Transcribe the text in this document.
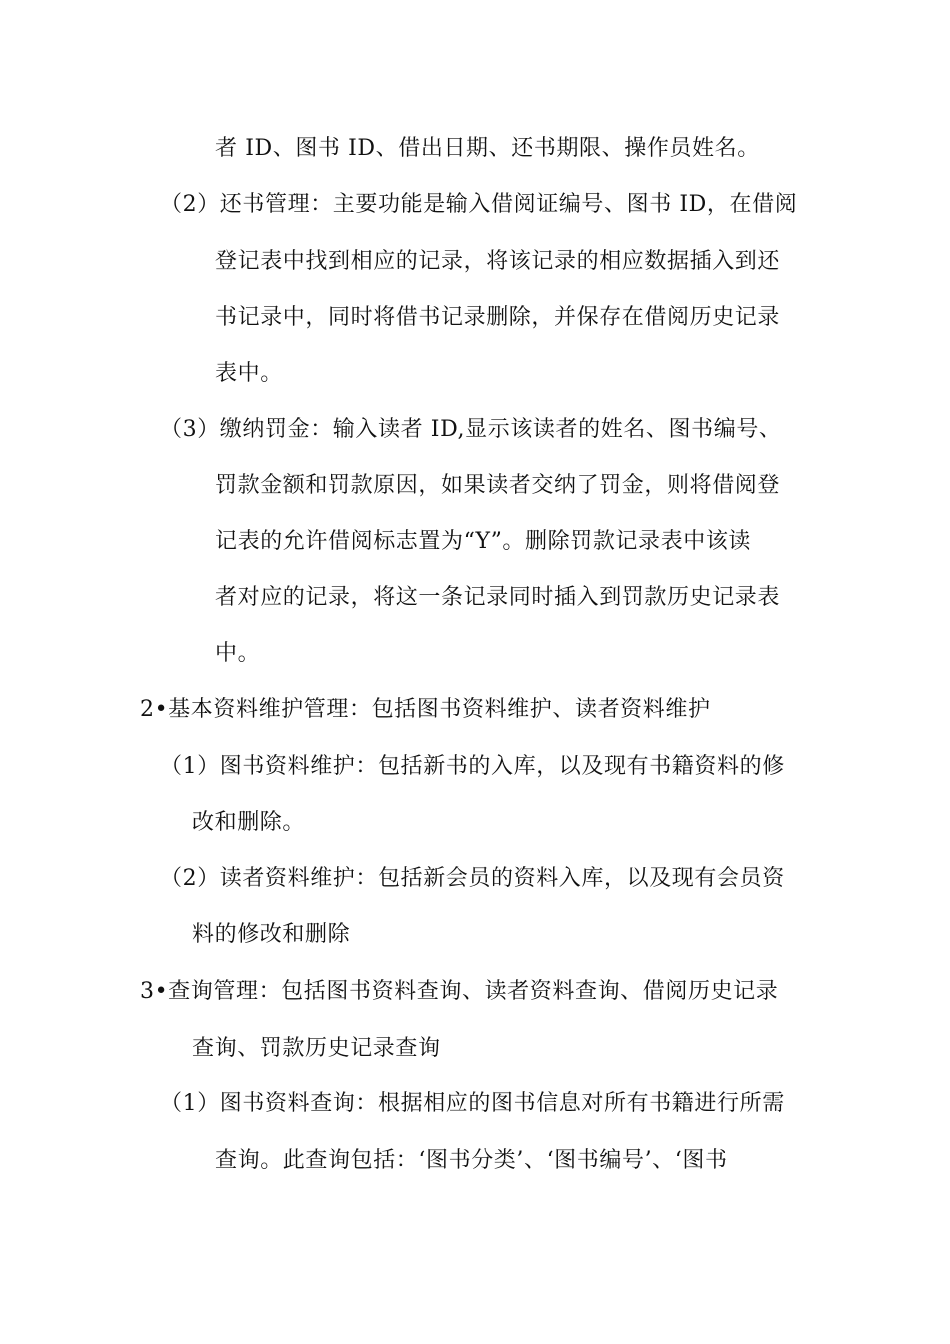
者 ID、图书 ID、借出日期、还书期限、操作员姓名。
（2）还书管理：主要功能是输入借阅证编号、图书 ID，在借阅
登记表中找到相应的记录，将该记录的相应数据插入到还
书记录中，同时将借书记录删除，并保存在借阅历史记录
表中。
（3）缴纳罚金：输入读者 ID,显示该读者的姓名、图书编号、
罚款金额和罚款原因，如果读者交纳了罚金，则将借阅登
记表的允许借阅标志置为“Y”。删除罚款记录表中该读
者对应的记录，将这一条记录同时插入到罚款历史记录表
中。
2•基本资料维护管理：包括图书资料维护、读者资料维护
（1）图书资料维护：包括新书的入库，以及现有书籍资料的修
改和删除。
（2）读者资料维护：包括新会员的资料入库，以及现有会员资
料的修改和删除
3•查询管理：包括图书资料查询、读者资料查询、借阅历史记录
查询、罚款历史记录查询
（1）图书资料查询：根据相应的图书信息对所有书籍进行所需
查询。此查询包括：‘图书分类’、‘图书编号’、‘图书
